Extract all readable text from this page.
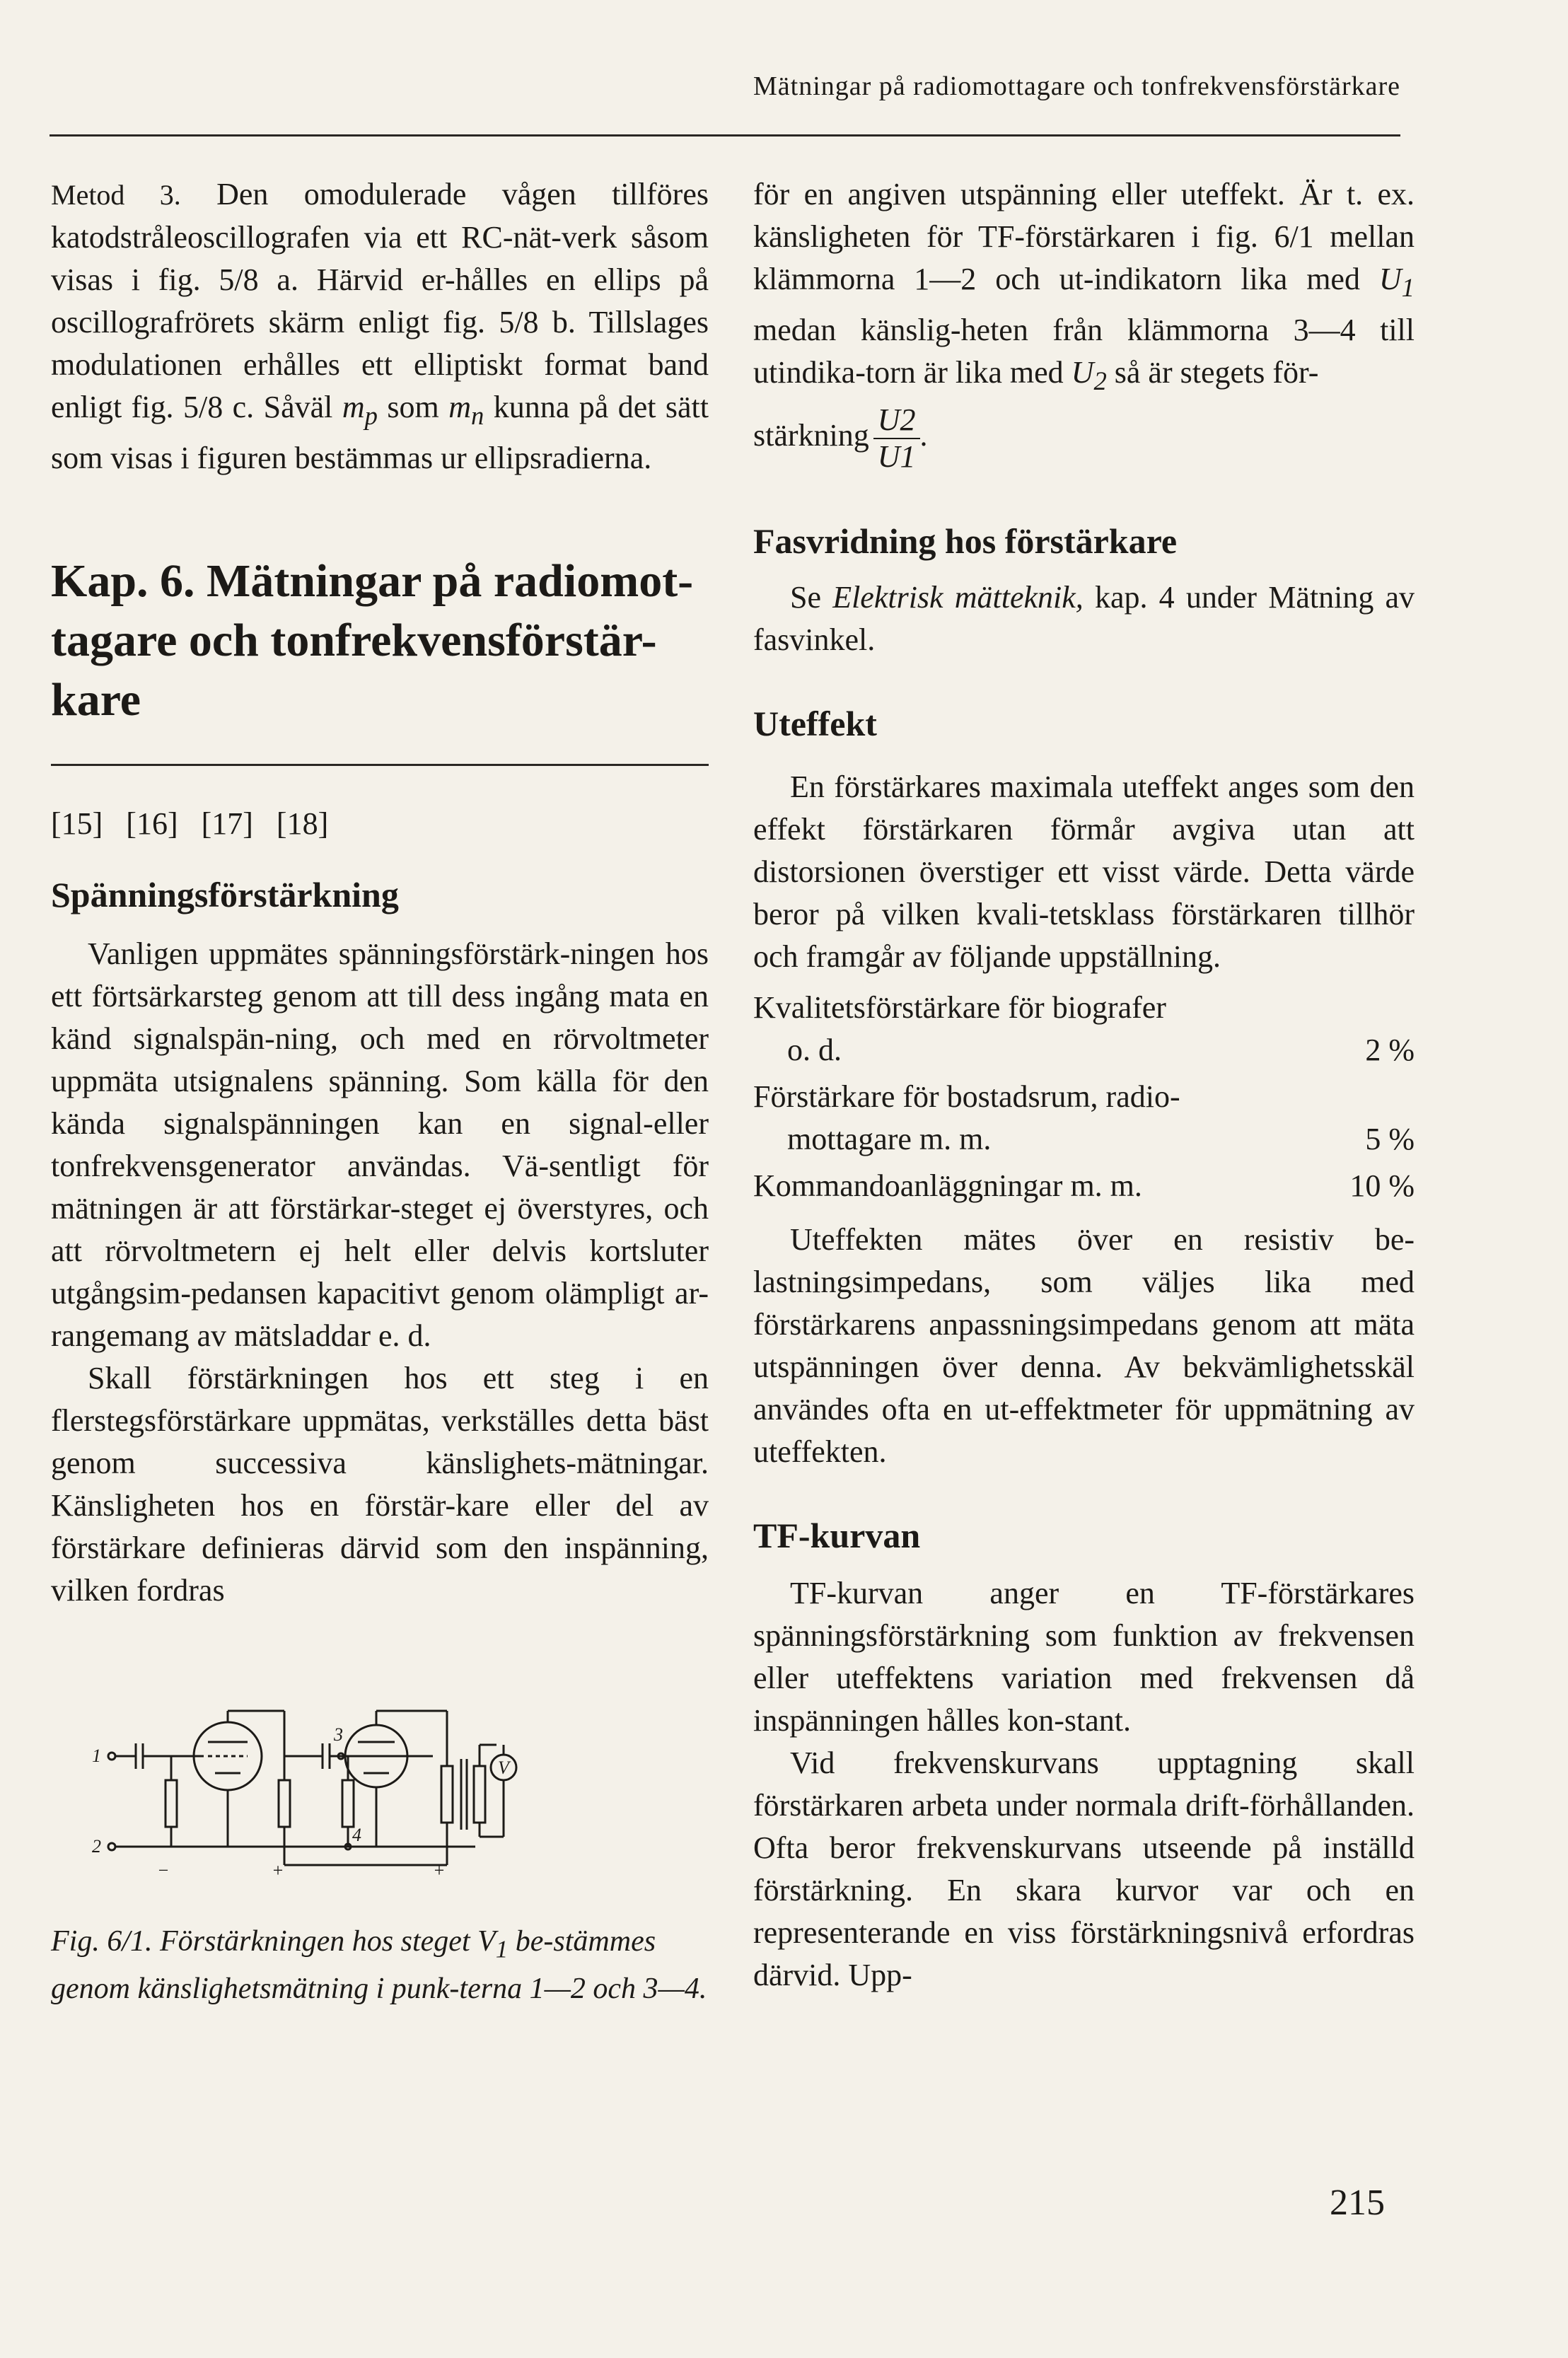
Mätningar på radiomottagare och tonfrekvensförstärkare

Metod 3. Den omodulerade vågen tillföres katodstråleoscillografen via ett RC-nät-verk såsom visas i fig. 5/8 a. Härvid er-hålles en ellips på oscillografrörets skärm enligt fig. 5/8 b. Tillslages modulationen erhålles ett elliptiskt format band enligt fig. 5/8 c. Såväl $m_p$ som $m_n$ kunna på det sätt som visas i figuren bestämmas ur ellipsradierna.

Kap. 6. Mätningar på radiomot-tagare och tonfrekvensförstär-kare
[15] [16] [17] [18]
Spänningsförstärkning

Vanligen uppmätes spänningsförstärk-ningen hos ett förtsärkarsteg genom att till dess ingång mata en känd signalspän-ning, och med en rörvoltmeter uppmäta utsignalens spänning. Som källa för den kända signalspänningen kan en signal-eller tonfrekvensgenerator användas. Vä-sentligt för mätningen är att förstärkar-steget ej överstyres, och att rörvoltmetern ej helt eller delvis kortsluter utgångsim-pedansen kapacitivt genom olämpligt ar-rangemang av mätsladdar e. d.

Skall förstärkningen hos ett steg i en flerstegsförstärkare uppmätas, verkställes detta bäst genom successiva känslighets-mätningar. Känsligheten hos en förstär-kare eller del av förstärkare definieras därvid som den inspänning, vilken fordras

1
2
3
4
V
−	+	+
Fig. 6/1. Förstärkningen hos steget $V_1$ be-stämmes genom känslighetsmätning i punk-terna 1—2 och 3—4.

för en angiven utspänning eller uteffekt. Är t. ex. känsligheten för TF-förstärkaren i fig. 6/1 mellan klämmorna 1—2 och ut-indikatorn lika med $U_1$ medan känslig-heten från klämmorna 3—4 till utindika-torn är lika med $U_2$ så är stegets för-

stärkning $\frac{U2}{U1}$ .

Fasvridning hos förstärkare

Se Elektrisk mätteknik, kap. 4 under Mätning av fasvinkel.

Uteffekt

En förstärkares maximala uteffekt anges som den effekt förstärkaren förmår avgiva utan att distorsionen överstiger ett visst värde. Detta värde beror på vilken kvali-tetsklass förstärkaren tillhör och framgår av följande uppställning.

Kvalitetsförstärkare för biografer
o. d.	2 %
Förstärkare för bostadsrum, radio-
mottagare m. m.	5 %
Kommandoanläggningar m. m.	10 %

Uteffekten mätes över en resistiv be-lastningsimpedans, som väljes lika med förstärkarens anpassningsimpedans genom att mäta utspänningen över denna. Av bekvämlighetsskäl användes ofta en ut-effektmeter för uppmätning av uteffekten.

TF-kurvan

TF-kurvan anger en TF-förstärkares spänningsförstärkning som funktion av frekvensen eller uteffektens variation med frekvensen då inspänningen hålles kon-stant.

Vid frekvenskurvans upptagning skall förstärkaren arbeta under normala drift-förhållanden. Ofta beror frekvenskurvans utseende på inställd förstärkning. En skara kurvor var och en representerande en viss förstärkningsnivå erfordras därvid. Upp-

215
